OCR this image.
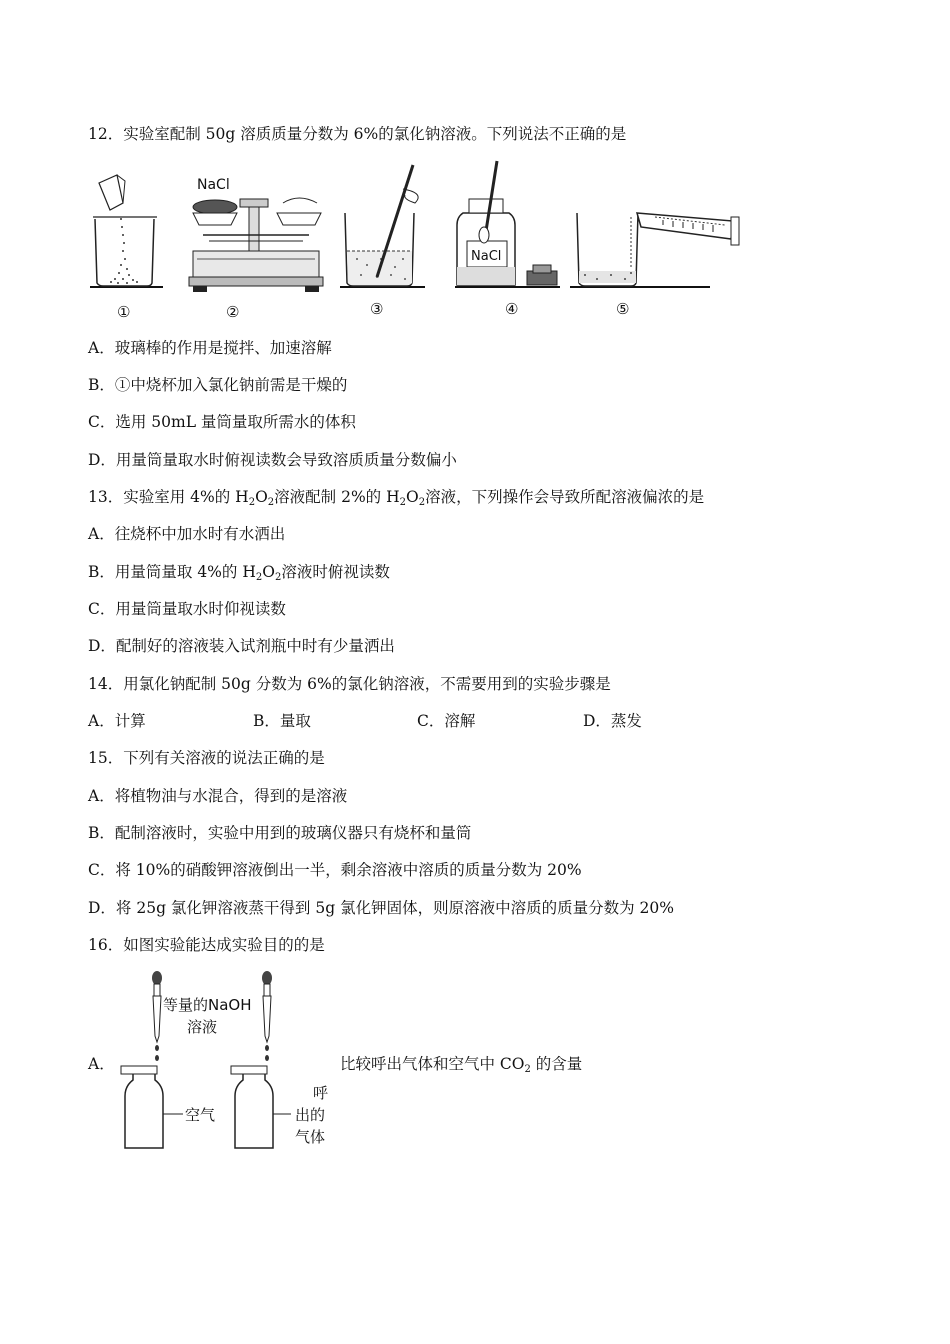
12．实验室配制 50g 溶质质量分数为 6%的氯化钠溶液。下列说法不正确的是
NaCl
NaCl
①	②	③	④	⑤
A．玻璃棒的作用是搅拌、加速溶解
B．①中烧杯加入氯化钠前需是干燥的
C．选用 50mL 量筒量取所需水的体积
D．用量筒量取水时俯视读数会导致溶质质量分数偏小
13．实验室用 4%的 $H_2O_2$溶液配制 2%的 $H_2O_2$溶液，下列操作会导致所配溶液偏浓的是
A．往烧杯中加水时有水洒出
B．用量筒量取 4%的 $H_2O_2$溶液时俯视读数
C．用量筒量取水时仰视读数
D．配制好的溶液装入试剂瓶中时有少量洒出
14．用氯化钠配制 50g 分数为 6%的氯化钠溶液，不需要用到的实验步骤是
A．计算	B．量取	C．溶解	D．蒸发
15．下列有关溶液的说法正确的是
A．将植物油与水混合，得到的是溶液
B．配制溶液时，实验中用到的玻璃仪器只有烧杯和量筒
C．将 10%的硝酸钾溶液倒出一半，剩余溶液中溶质的质量分数为 20%
D．将 25g 氯化钾溶液蒸干得到 5g 氯化钾固体，则原溶液中溶质的质量分数为 20%
16．如图实验能达成实验目的的是
A．	比较呼出气体和空气中 $CO_2$ 的含量
等量的NaOH
溶液
空气
呼
出的
气体
